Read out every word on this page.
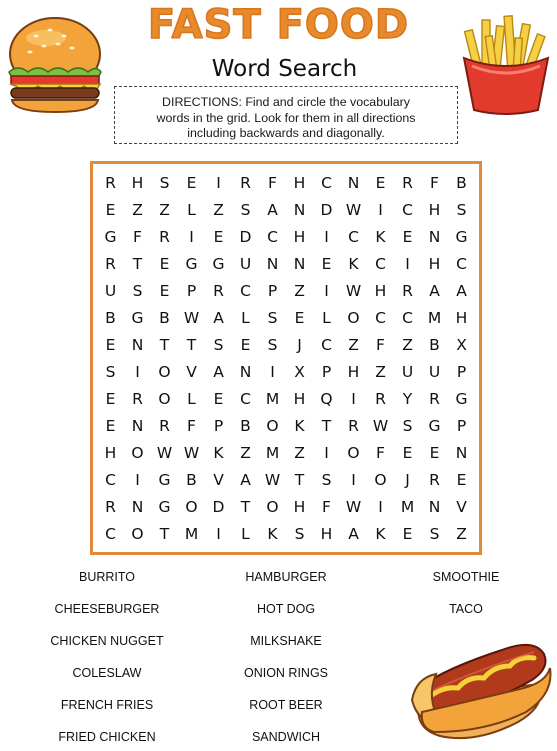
FAST FOOD
Word Search
DIRECTIONS: Find and circle the vocabulary
words in the grid. Look for them in all directions
including backwards and diagonally.
R	H	S	E	I	R	F	H	C	N	E	R	F	B
E	Z	Z	L	Z	S	A	N D W	I	C	H	S
G	F	R	I	E	D	C	H	I	C	K	E	N G
R	T	E	G G U	N N	E	K	C	I	H	C
U	S	E	P	R	C	P	Z	I	W H	R	A	A
B	G	B W A	L	S	E	L	O C	C M H
E	N	T	T	S	E	S	J	C	Z	F	Z	B	X
S	I	O	V	A	N	I	X	P	H	Z	U	U	P
E	R	O	L	E	C M H Q	I	R	Y	R	G
E	N	R	F	P	B	O	K	T	R W S	G	P
H O W W K	Z M Z	I	O	F	E	E	N
C	I	G	B	V	A W T	S	I	O	J	R	E
R	N G O D	T	O H	F W	I	M N	V
C O	T	M	I	L	K	S	H	A	K	E	S	Z
BURRITO
CHEESEBURGER
CHICKEN NUGGET
COLESLAW
FRENCH FRIES
FRIED CHICKEN
HAMBURGER
HOT DOG
MILKSHAKE
ONION RINGS
ROOT BEER
SANDWICH
SMOOTHIE
TACO
